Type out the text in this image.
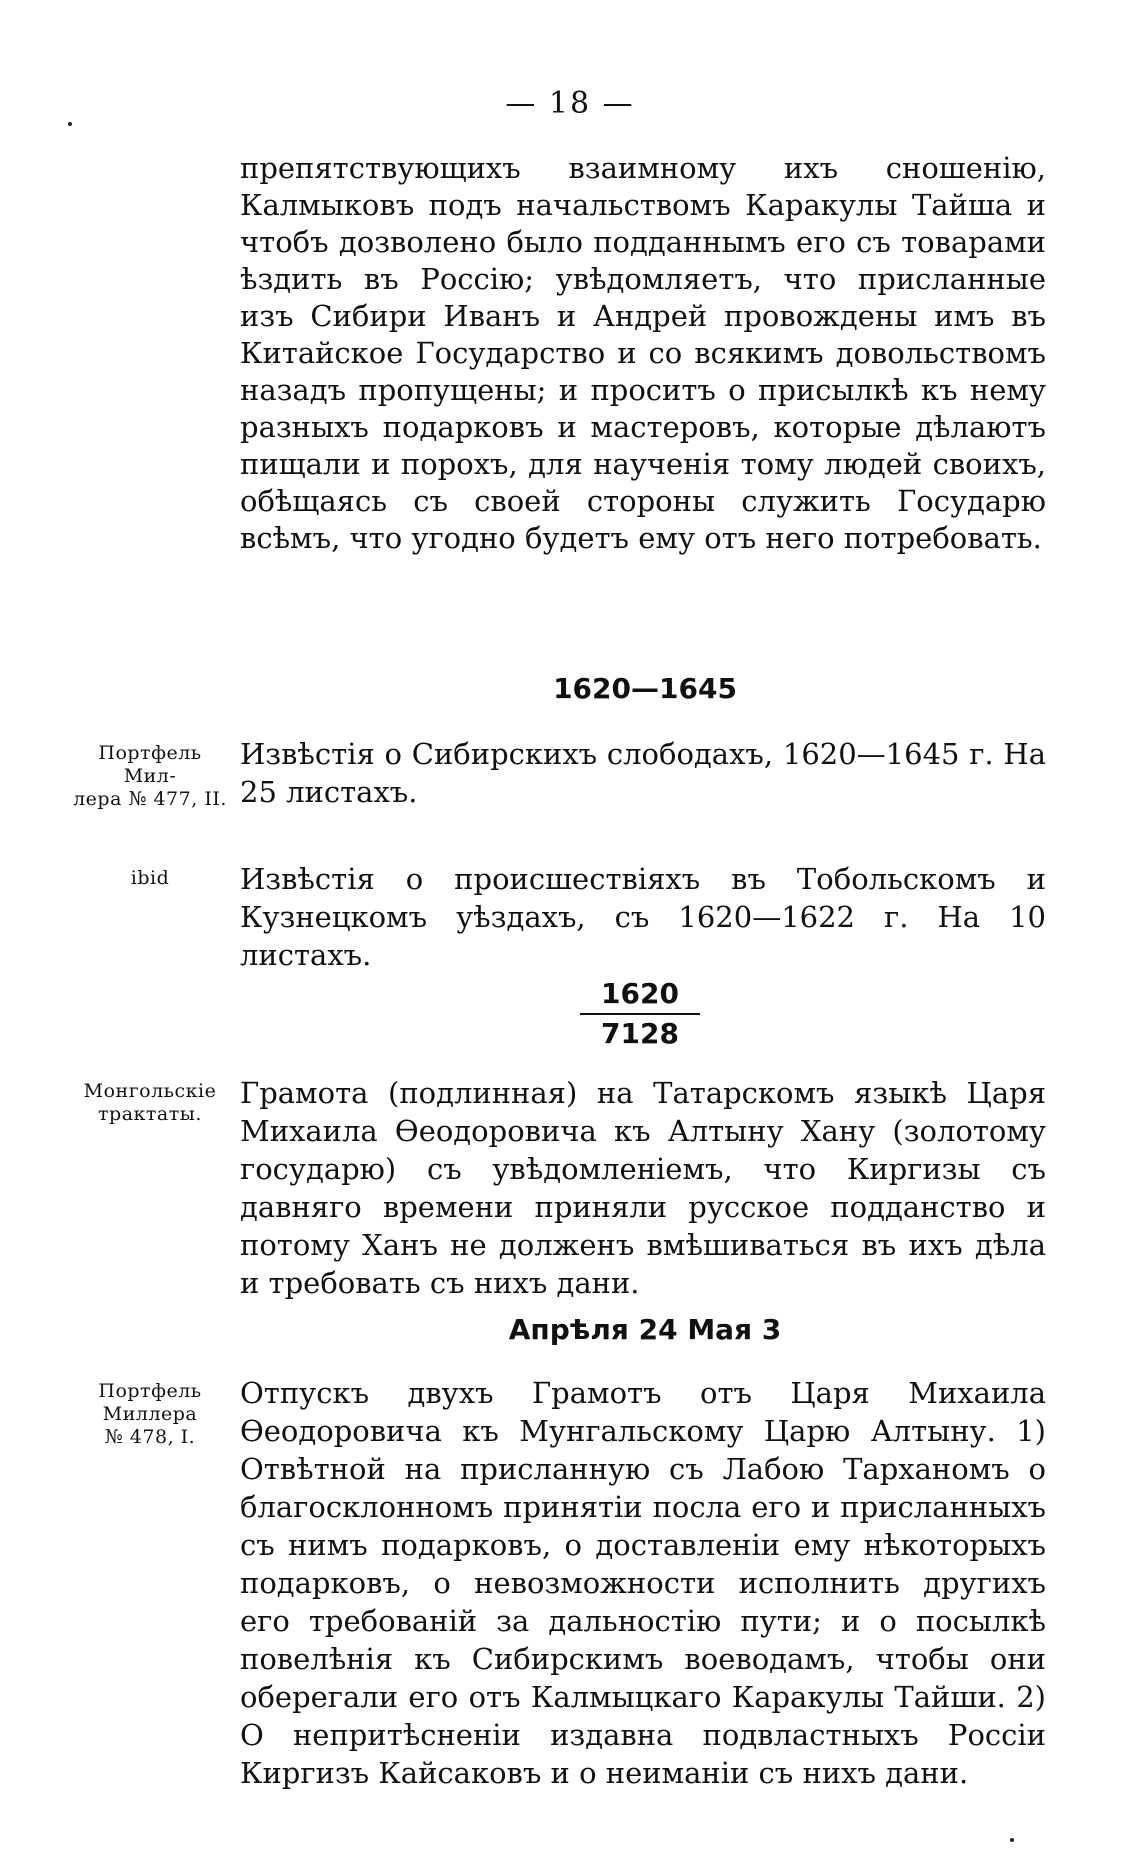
— 18 —

препятствующихъ взаимному ихъ сношенію, Калмыковъ подъ начальствомъ Каракулы Тайша и чтобъ дозволено было подданнымъ его съ товарами ѣздить въ Россію; увѣдомляетъ, что присланные изъ Сибири Иванъ и Андрей провождены имъ въ Китайское Государство и со всякимъ довольствомъ назадъ пропущены; и проситъ о присылкѣ къ нему разныхъ подарковъ и мастеровъ, которые дѣлаютъ пищали и порохъ, для наученія тому людей своихъ, обѣщаясь съ своей стороны служить Государю всѣмъ, что угодно будетъ ему отъ него потребовать.

1620—1645
Портфель Мил-
лера № 477, II.

Извѣстія о Сибирскихъ слободахъ, 1620—1645 г. На 25 листахъ.

ibid	Извѣстія о происшествіяхъ въ Тобольскомъ и Кузнецкомъ уѣздахъ, съ 1620—1622 г. На 10 листахъ.

$\frac{1620}{7128}$
Монгольскіе
трактаты.

Грамота (подлинная) на Татарскомъ языкѣ Царя Михаила Ѳеодоровича къ Алтыну Хану (золотому государю) съ увѣдомленіемъ, что Киргизы съ давняго времени приняли русское подданство и потому Ханъ не долженъ вмѣшиваться въ ихъ дѣла и требовать съ нихъ дани.

Апрѣля 24 Мая 3
Портфель
Миллера
№ 478, I.

Отпускъ двухъ Грамотъ отъ Царя Михаила Ѳеодоровича къ Мунгальскому Царю Алтыну. 1) Отвѣтной на присланную съ Лабою Тарханомъ о благосклонномъ принятіи посла его и присланныхъ съ нимъ подарковъ, о доставленіи ему нѣкоторыхъ подарковъ, о невозможности исполнить другихъ его требованій за дальностію пути; и о посылкѣ повелѣнія къ Сибирскимъ воеводамъ, чтобы они оберегали его отъ Калмыцкаго Каракулы Тайши. 2) О непритѣсненіи издавна подвластныхъ Россіи Киргизъ Кайсаковъ и о неиманіи съ нихъ дани.
